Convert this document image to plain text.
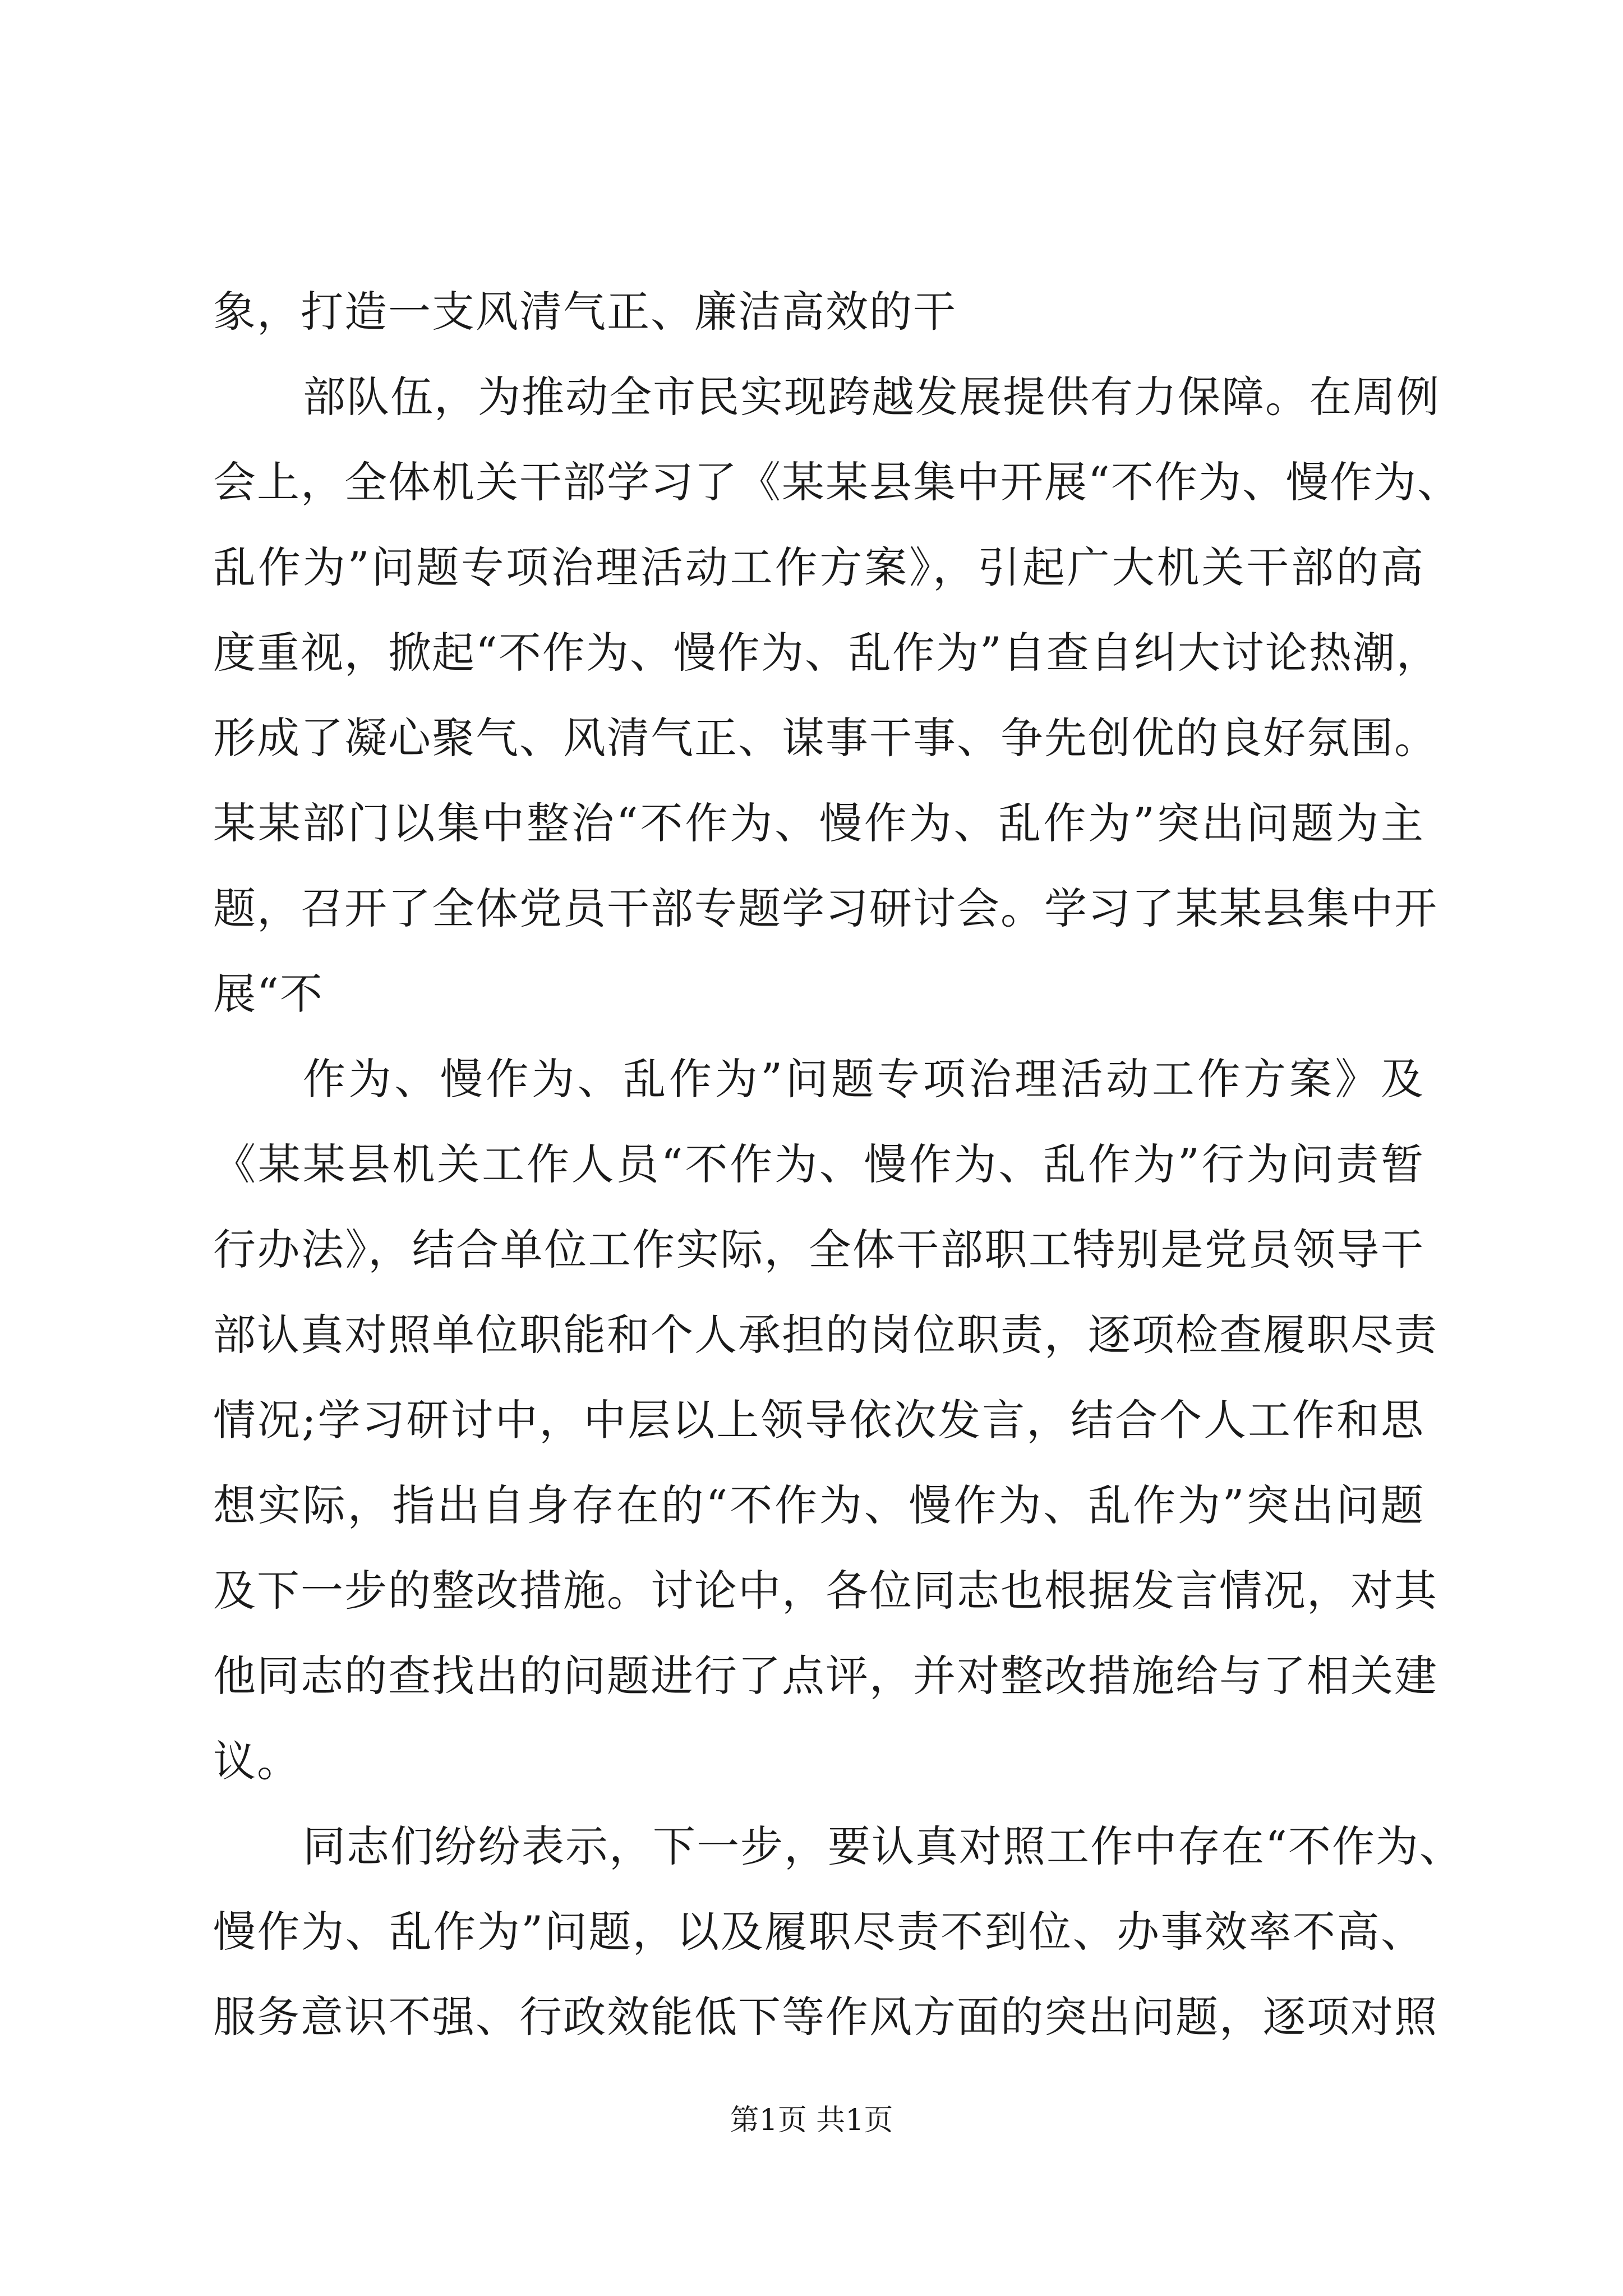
象，打造一支风清气正、廉洁高效的干
部队伍，为推动全市民实现跨越发展提供有力保障。在周例
会上，全体机关干部学习了《某某县集中开展“不作为、慢作为、
乱作为”问题专项治理活动工作方案》，引起广大机关干部的高
度重视，掀起“不作为、慢作为、乱作为”自查自纠大讨论热潮，
形成了凝心聚气、风清气正、谋事干事、争先创优的良好氛围。
某某部门以集中整治“不作为、慢作为、乱作为”突出问题为主
题，召开了全体党员干部专题学习研讨会。学习了某某县集中开
展“不
作为、慢作为、乱作为”问题专项治理活动工作方案》及
《某某县机关工作人员“不作为、慢作为、乱作为”行为问责暂
行办法》，结合单位工作实际，全体干部职工特别是党员领导干
部认真对照单位职能和个人承担的岗位职责，逐项检查履职尽责
情况;学习研讨中，中层以上领导依次发言，结合个人工作和思
想实际，指出自身存在的“不作为、慢作为、乱作为”突出问题
及下一步的整改措施。讨论中，各位同志也根据发言情况，对其
他同志的查找出的问题进行了点评，并对整改措施给与了相关建
议。
同志们纷纷表示，下一步，要认真对照工作中存在“不作为、
慢作为、乱作为”问题，以及履职尽责不到位、办事效率不高、
服务意识不强、行政效能低下等作风方面的突出问题，逐项对照
第1页 共1页
